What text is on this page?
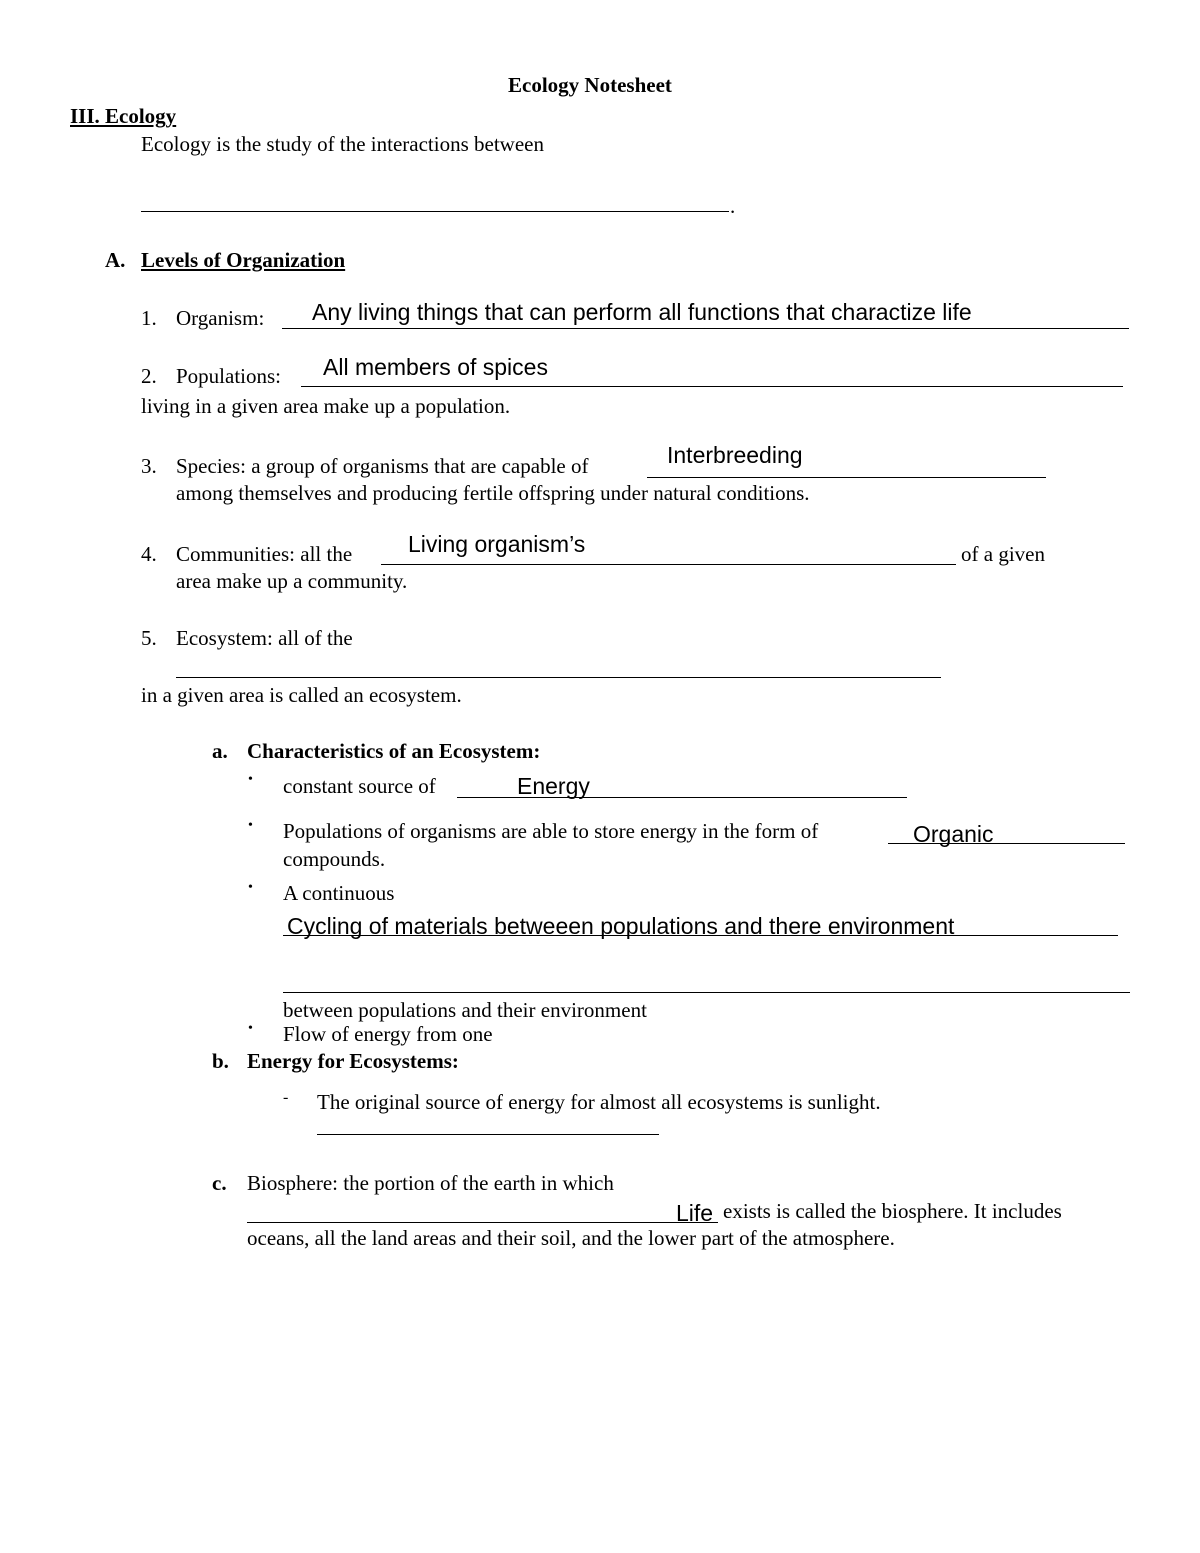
Ecology Notesheet
III. Ecology
Ecology is the study of the interactions between
.
A. Levels of Organization
1. Organism: Any living things that can perform all functions that charactize life
2. Populations: All members of spices
living in a given area make up a population.
3. Species: a group of organisms that are capable of	Interbreeding
among themselves and producing fertile offspring under natural conditions.
4. Communities: all the Living organism’s	of a given
area make up a community.
5. Ecosystem: all of the
in a given area is called an ecosystem.
a. Characteristics of an Ecosystem:
• constant source of	Energy
• Populations of organisms are able to store energy in the form of	Organic
compounds.
• A continuous
Cycling of materials betweeen populations and there environment
between populations and their environment
• Flow of energy from one
b. Energy for Ecosystems:
- The original source of energy for almost all ecosystems is sunlight.
c. Biosphere: the portion of the earth in which
Life exists is called the biosphere. It includes
oceans, all the land areas and their soil, and the lower part of the atmosphere.
